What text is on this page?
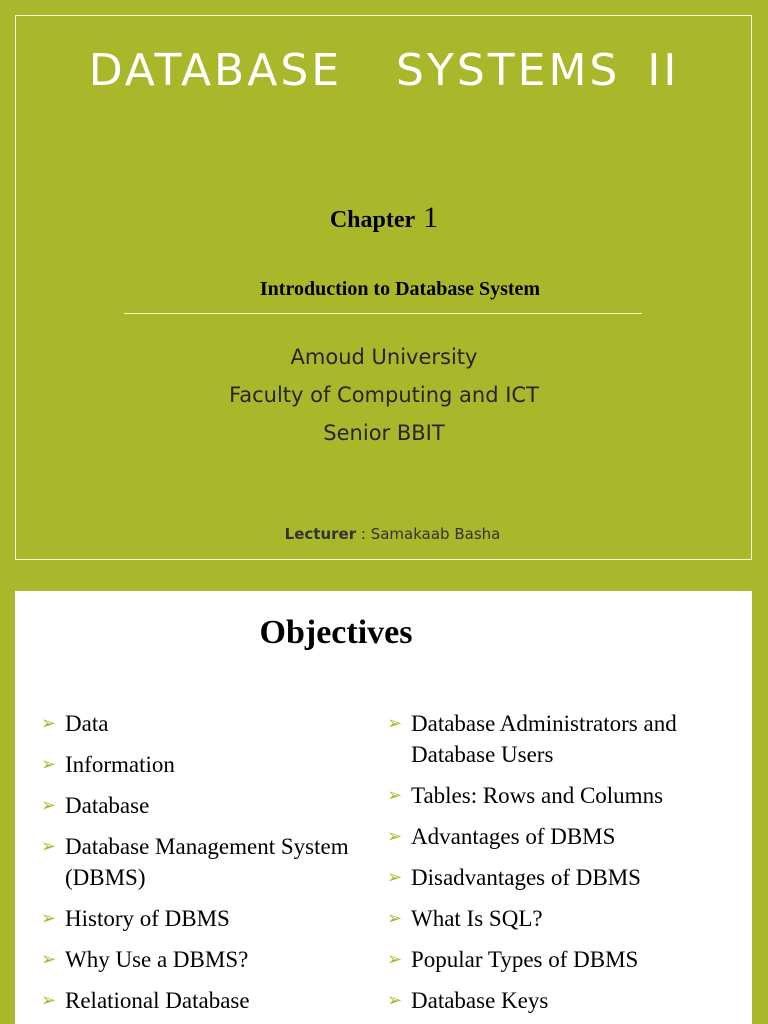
DATABASE  SYSTEMS II
Chapter 1
Introduction to Database System
Amoud University
Faculty of Computing and ICT
Senior BBIT
Lecturer : Samakaab Basha
Objectives
➢ Data
➢ Information
➢ Database
➢ Database Management System (DBMS)
➢ History of DBMS
➢ Why Use a DBMS?
➢ Relational Database
➢ Database Administrators and Database Users
➢ Tables: Rows and Columns
➢ Advantages of DBMS
➢ Disadvantages of DBMS
➢ What Is SQL?
➢ Popular Types of DBMS
➢ Database Keys
